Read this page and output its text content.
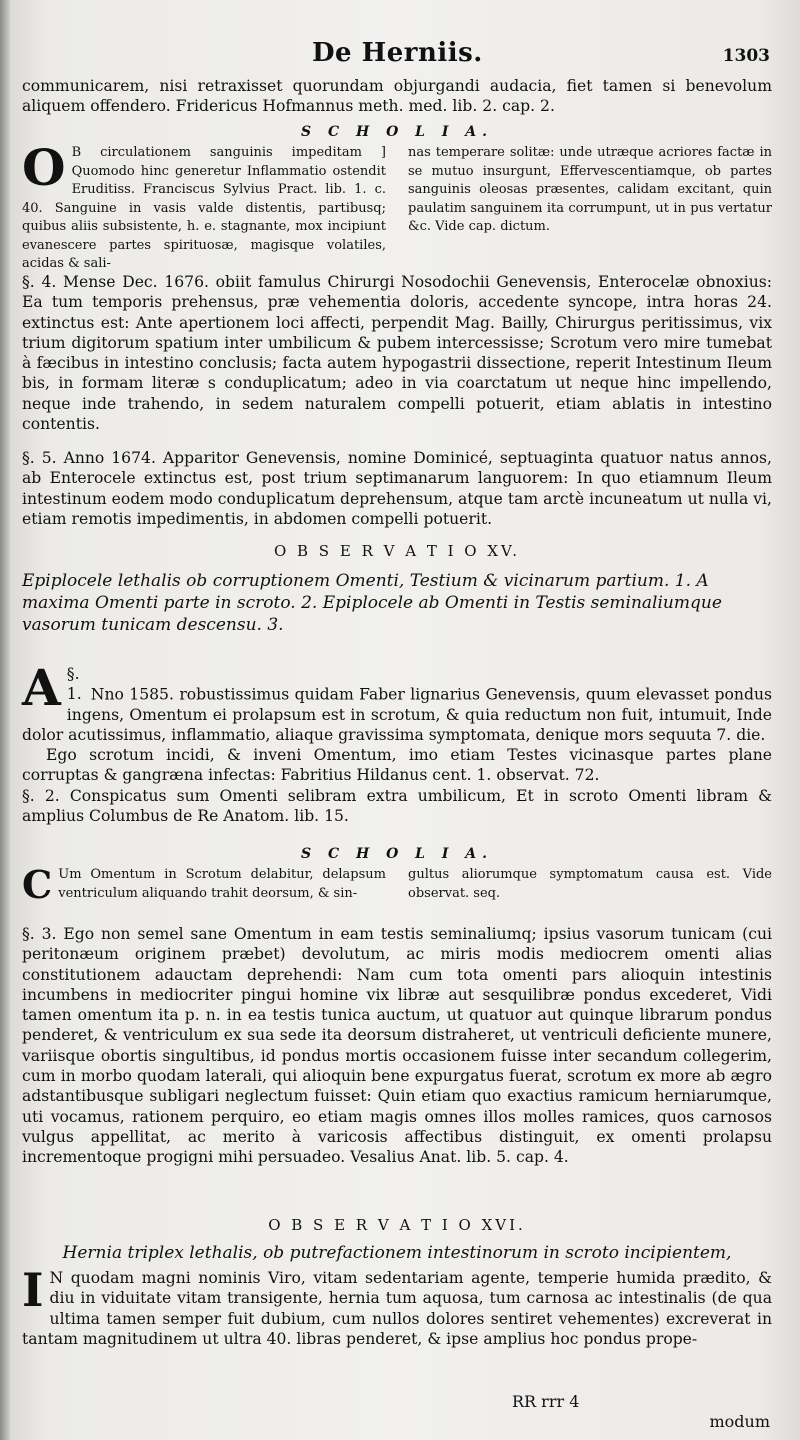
De Herniis.	1303

communicarem, nisi retraxisset quorundam objurgandi audacia, fiet tamen si benevolum aliquem offendero. Fridericus Hofmannus meth. med. lib. 2. cap. 2.

S C H O L I A.
O B circulationem sanguinis impeditam ] Quomodo hinc generetur Inflammatio ostendit Eruditiss. Franciscus Sylvius Pract. lib. 1. c. 40. Sanguine in vasis valde distentis, partibusq; quibus aliis subsistente, h. e. stagnante, mox incipiunt evanescere partes spirituosæ, magisque volatiles, acidas & sali-
nas temperare solitæ: unde utræque acriores factæ in se mutuo insurgunt, Effervescentiamque, ob partes sanguinis oleosas præsentes, calidam excitant, quin paulatim sanguinem ita corrumpunt, ut in pus vertatur &c. Vide cap. dictum.

§. 4. Mense Dec. 1676. obiit famulus Chirurgi Nosodochii Genevensis, Enterocelæ obnoxius: Ea tum temporis prehensus, præ vehementia doloris, accedente syncope, intra horas 24. extinctus est: Ante apertionem loci affecti, perpendit Mag. Bailly, Chirurgus peritissimus, vix trium digitorum spatium inter umbilicum & pubem intercessisse; Scrotum vero mire tumebat à fæcibus in intestino conclusis; facta autem hypogastrii dissectione, reperit Intestinum Ileum bis, in formam literæ s conduplicatum; adeo in via coarctatum ut neque hinc impellendo, neque inde trahendo, in sedem naturalem compelli potuerit, etiam ablatis in intestino contentis.

§. 5. Anno 1674. Apparitor Genevensis, nomine Dominicé, septuaginta quatuor natus annos, ab Enterocele extinctus est, post trium septimanarum languorem: In quo etiamnum Ileum intestinum eodem modo conduplicatum deprehensum, atque tam arctè incuneatum ut nulla vi, etiam remotis impedimentis, in abdomen compelli potuerit.

O B S E R V A T I O XV.

Epiplocele lethalis ob corruptionem Omenti, Testium & vicinarum partium. 1. A maxima Omenti parte in scroto. 2. Epiplocele ab Omenti in Testis seminaliumque vasorum tunicam descensu. 3.

§. 1.
A Nno 1585. robustissimus quidam Faber lignarius Genevensis, quum elevasset pondus ingens, Omentum ei prolapsum est in scrotum, & quia reductum non fuit, intumuit, Inde dolor acutissimus, inflammatio, aliaque gravissima symptomata, denique mors sequuta 7. die.

Ego scrotum incidi, & inveni Omentum, imo etiam Testes vicinasque partes plane corruptas & gangræna infectas: Fabritius Hildanus cent. 1. observat. 72.

§. 2. Conspicatus sum Omenti selibram extra umbilicum, Et in scroto Omenti libram & amplius Columbus de Re Anatom. lib. 15.

S C H O L I A.
C Um Omentum in Scrotum delabitur, delapsum ventriculum aliquando trahit deorsum, & sin-
gultus aliorumque symptomatum causa est. Vide observat. seq.

§. 3. Ego non semel sane Omentum in eam testis seminaliumq; ipsius vasorum tunicam (cui peritonæum originem præbet) devolutum, ac miris modis mediocrem omenti alias constitutionem adauctam deprehendi: Nam cum tota omenti pars alioquin intestinis incumbens in mediocriter pingui homine vix libræ aut sesquilibræ pondus excederet, Vidi tamen omentum ita p. n. in ea testis tunica auctum, ut quatuor aut quinque librarum pondus penderet, & ventriculum ex sua sede ita deorsum distraheret, ut ventriculi deficiente munere, variisque obortis singultibus, id pondus mortis occasionem fuisse inter secandum collegerim, cum in morbo quodam laterali, qui alioquin bene expurgatus fuerat, scrotum ex more ab ægro adstantibusque subligari neglectum fuisset: Quin etiam quo exactius ramicum herniarumque, uti vocamus, rationem perquiro, eo etiam magis omnes illos molles ramices, quos carnosos vulgus appellitat, ac merito à varicosis affectibus distinguit, ex omenti prolapsu incrementoque progigni mihi persuadeo. Vesalius Anat. lib. 5. cap. 4.

O B S E R V A T I O XVI.

Hernia triplex lethalis, ob putrefactionem intestinorum in scroto incipientem,

I N quodam magni nominis Viro, vitam sedentariam agente, temperie humida prædito, & diu in viduitate vitam transigente, hernia tum aquosa, tum carnosa ac intestinalis (de qua ultima tamen semper fuit dubium, cum nullos dolores sentiret vehementes) excreverat in tantam magnitudinem ut ultra 40. libras penderet, & ipse amplius hoc pondus prope-

RR rrr 4
modum
